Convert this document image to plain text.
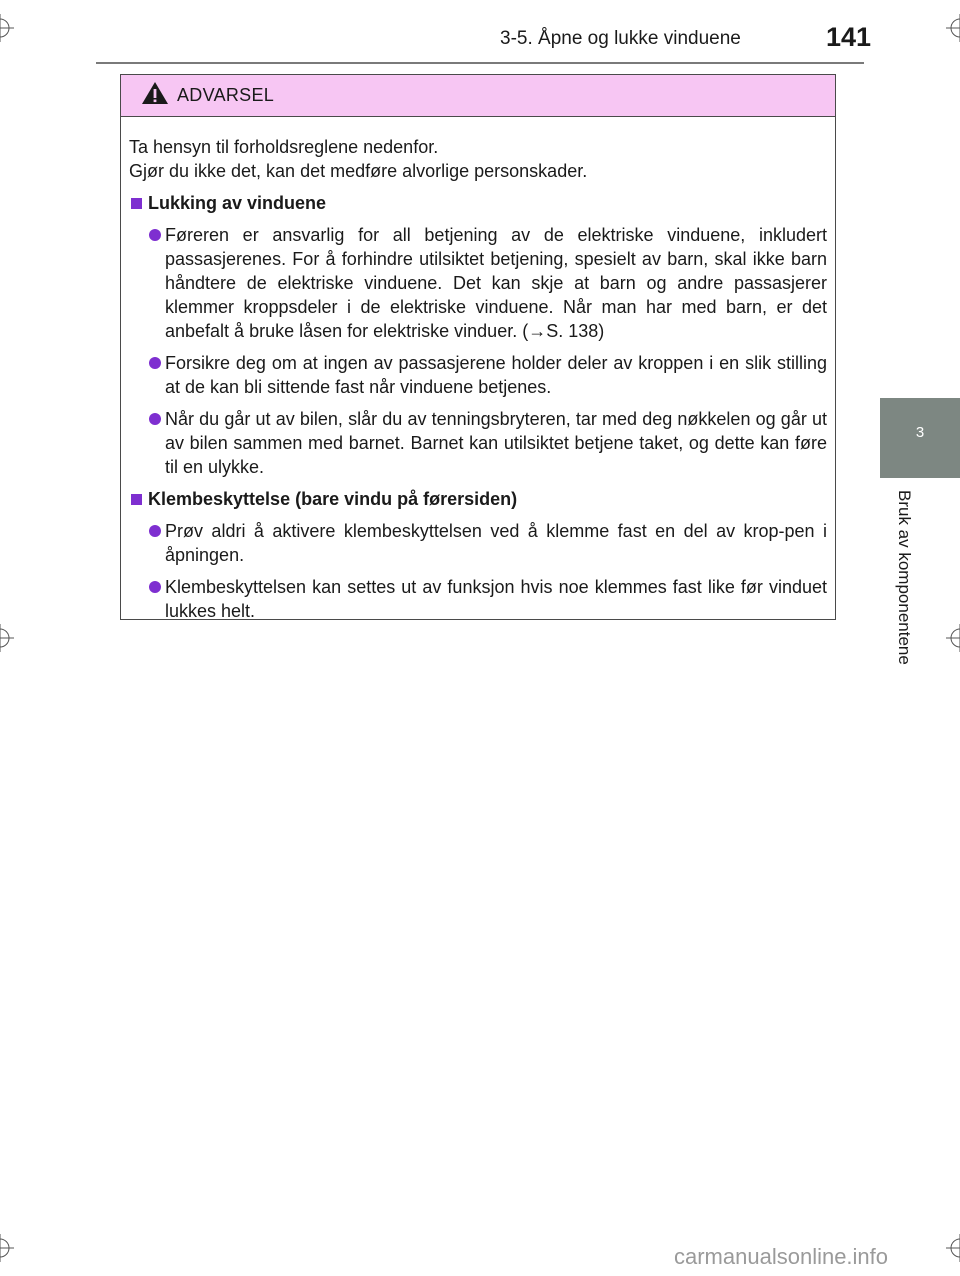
3-5. Åpne og lukke vinduene	141
3
Bruk av komponentene
ADVARSEL

Ta hensyn til forholdsreglene nedenfor.

Gjør du ikke det, kan det medføre alvorlige personskader.

Lukking av vinduene
Føreren er ansvarlig for all betjening av de elektriske vinduene, inkludert passasjerenes. For å forhindre utilsiktet betjening, spesielt av barn, skal ikke barn håndtere de elektriske vinduene. Det kan skje at barn og andre passasjerer klemmer kroppsdeler i de elektriske vinduene. Når man har med barn, er det anbefalt å bruke låsen for elektriske vinduer. (→S. 138)
Forsikre deg om at ingen av passasjerene holder deler av kroppen i en slik stilling at de kan bli sittende fast når vinduene betjenes.
Når du går ut av bilen, slår du av tenningsbryteren, tar med deg nøkkelen og går ut av bilen sammen med barnet. Barnet kan utilsiktet betjene taket, og dette kan føre til en ulykke.
Klembeskyttelse (bare vindu på førersiden)
Prøv aldri å aktivere klembeskyttelsen ved å klemme fast en del av krop-pen i åpningen.
Klembeskyttelsen kan settes ut av funksjon hvis noe klemmes fast like før vinduet lukkes helt.
carmanualsonline.info
